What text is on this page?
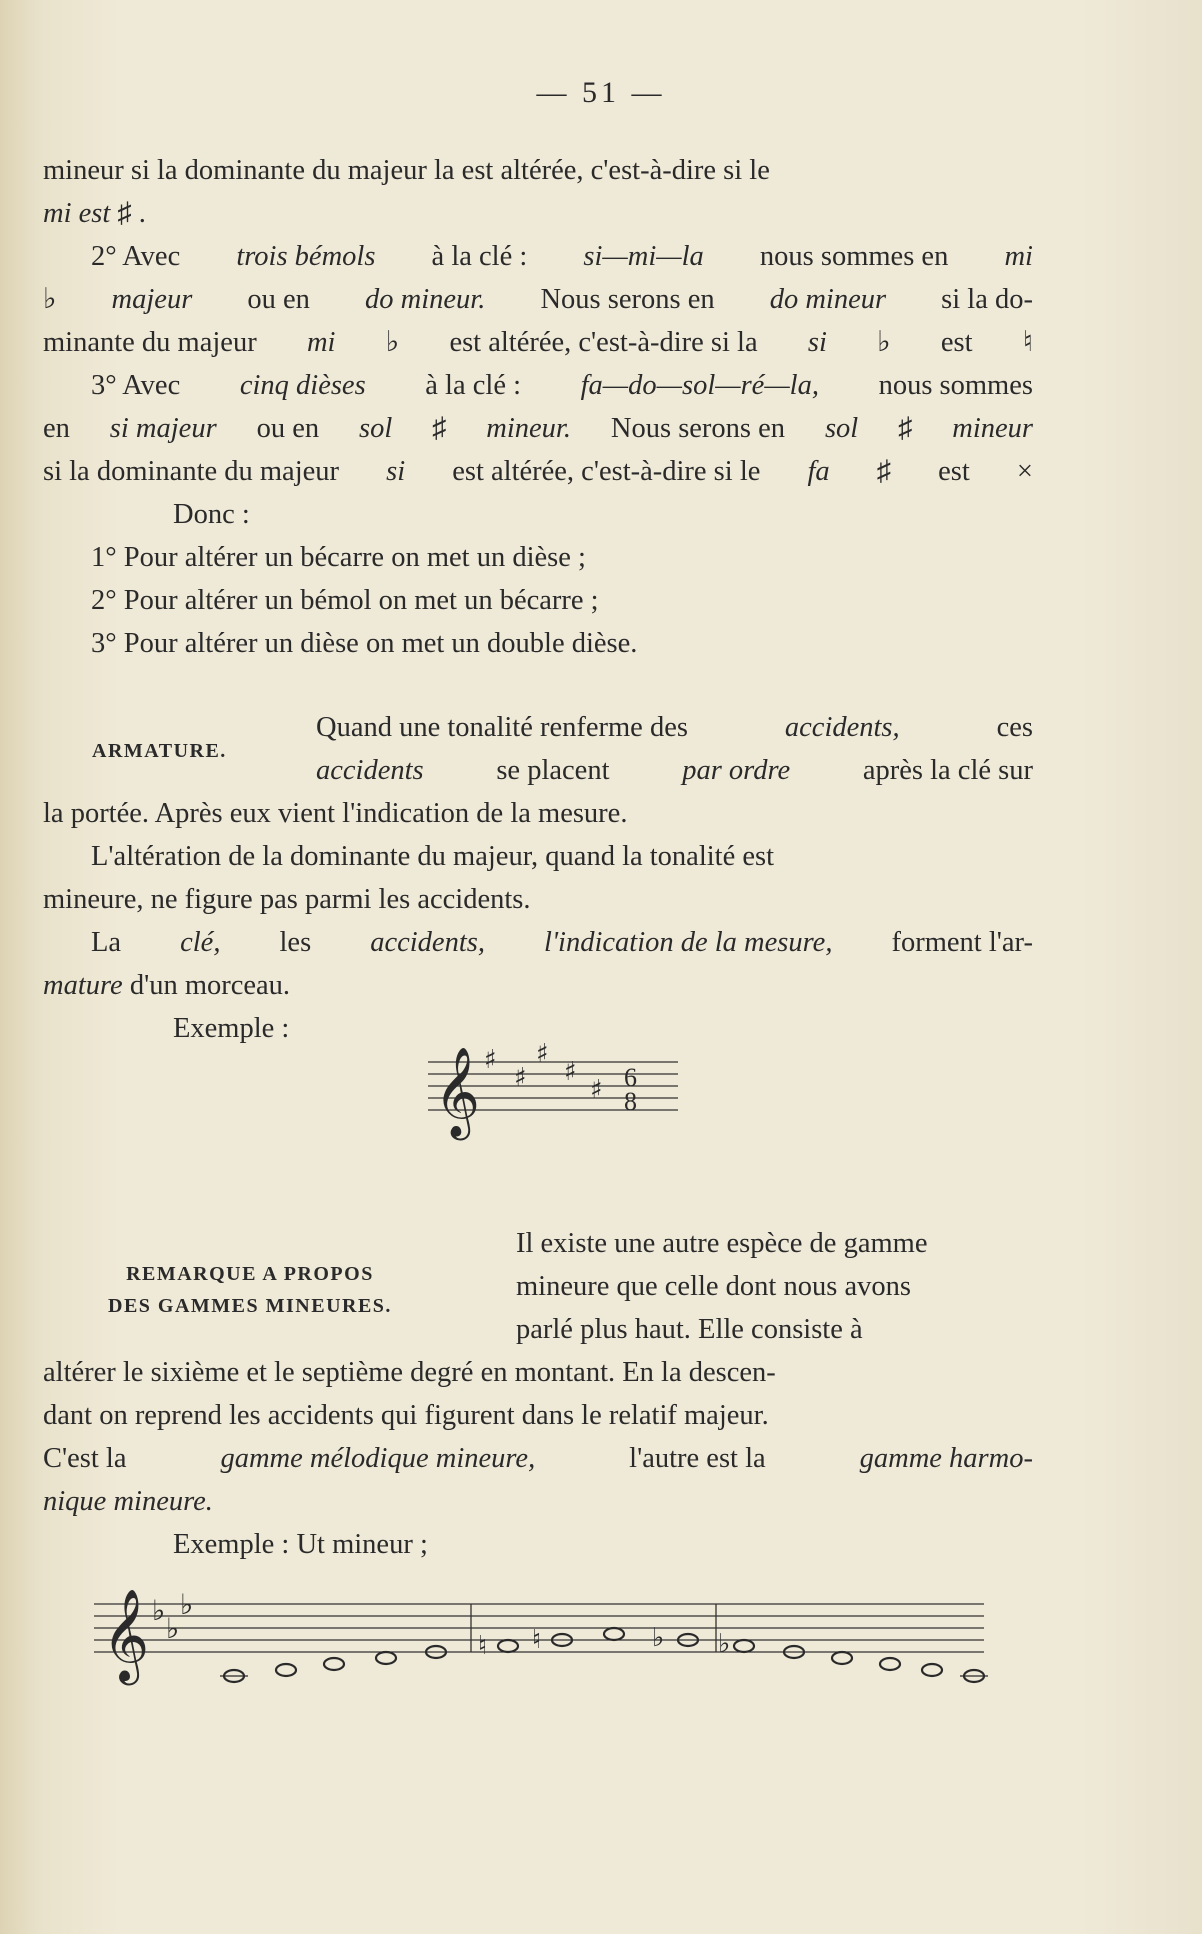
— 51 —
mineur si la dominante du majeur la est altérée, c'est-à-dire si le
mi est ♯ .
2° Avec trois bémols à la clé : si—mi—la nous sommes en mi
♭ majeur ou en do mineur. Nous serons en do mineur si la do-
minante du majeur mi ♭ est altérée, c'est-à-dire si la si ♭ est ♮
3° Avec cinq dièses à la clé : fa—do—sol—ré—la, nous sommes
en si majeur ou en sol ♯ mineur. Nous serons en sol ♯ mineur
si la dominante du majeur si est altérée, c'est-à-dire si le fa ♯ est ×
Donc :
1° Pour altérer un bécarre on met un dièse ;
2° Pour altérer un bémol on met un bécarre ;
3° Pour altérer un dièse on met un double dièse.
ARMATURE.
Quand une tonalité renferme des	accidents,	ces
accidents	se placent	par ordre	après la clé sur
la portée. Après eux vient l'indication de la mesure.
L'altération de la dominante du majeur, quand la tonalité est
mineure, ne figure pas parmi les accidents.
La clé, les accidents, l'indication de la mesure, forment l'ar-
mature d'un morceau.
Exemple :
𝄞 ♯
♯
♯
♯
♯ 6
8
REMARQUE A PROPOS
DES GAMMES MINEURES.
Il existe une autre espèce de gamme
mineure que celle dont nous avons
parlé plus haut. Elle consiste à
altérer le sixième et le septième degré en montant. En la descen-
dant on reprend les accidents qui figurent dans le relatif majeur.
C'est la	gamme mélodique mineure,	l'autre est la	gamme harmo-
nique mineure.
Exemple : Ut mineur ;
𝄞 ♭
♭
♭
♮ ♮	♭ ♭
